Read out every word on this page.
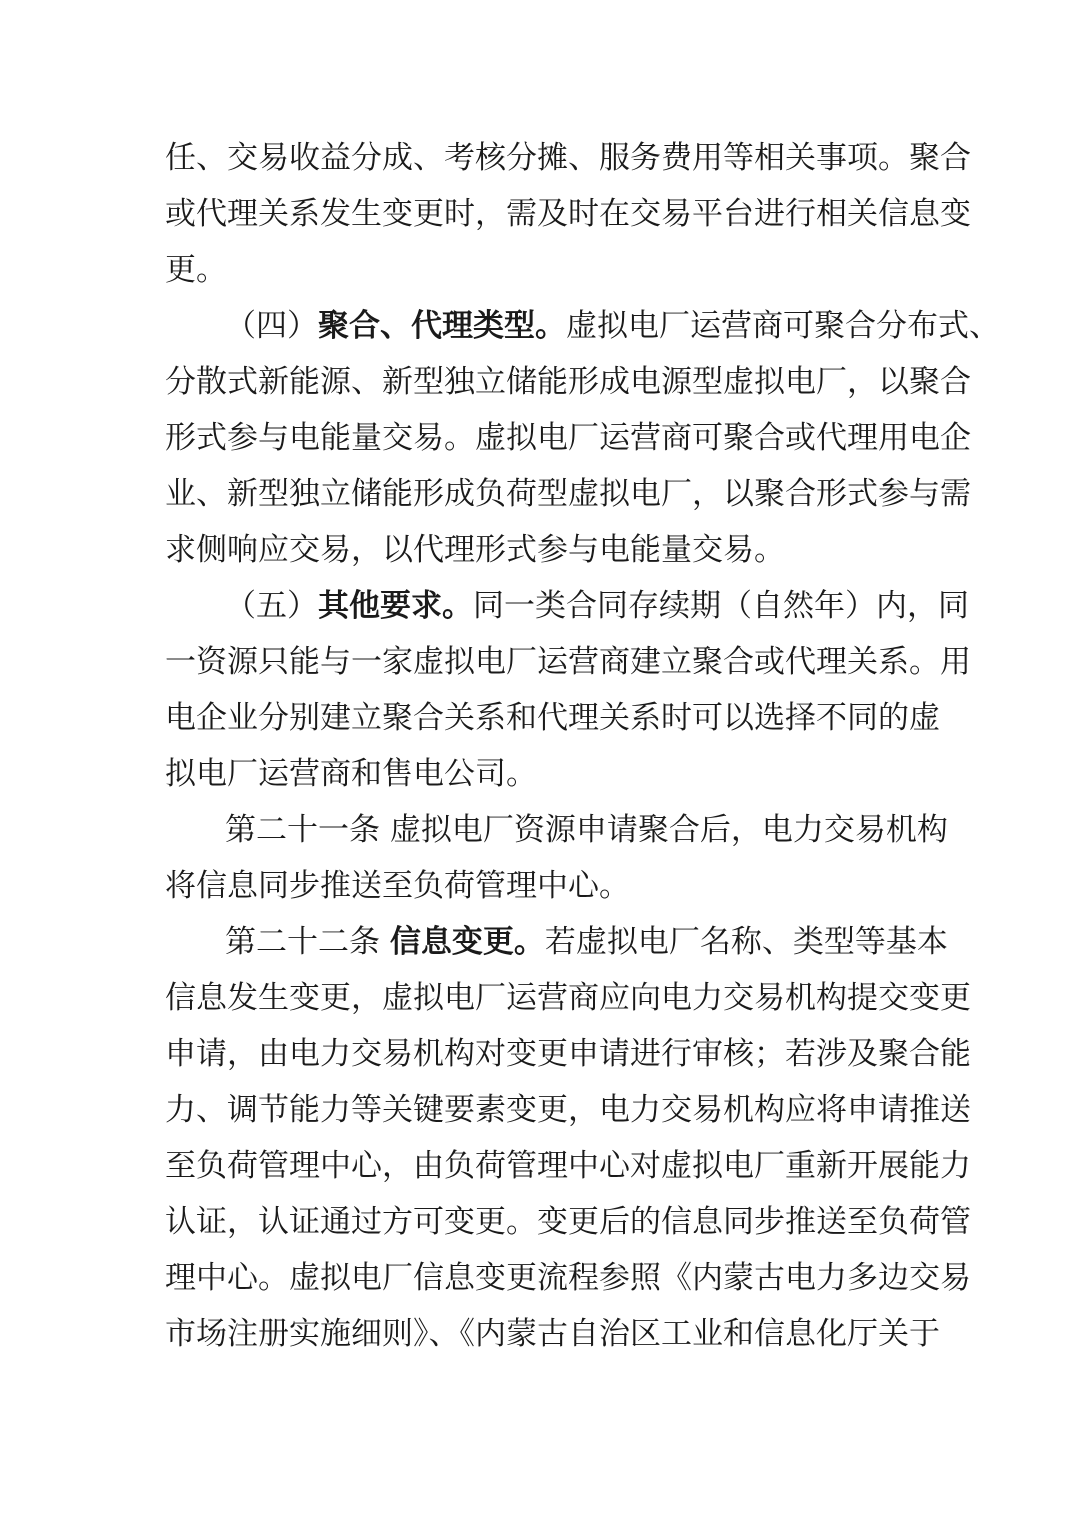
任、交易收益分成、考核分摊、服务费用等相关事项。聚合
或代理关系发生变更时，需及时在交易平台进行相关信息变
更。
（四）聚合、代理类型。虚拟电厂运营商可聚合分布式、
分散式新能源、新型独立储能形成电源型虚拟电厂，以聚合
形式参与电能量交易。虚拟电厂运营商可聚合或代理用电企
业、新型独立储能形成负荷型虚拟电厂，以聚合形式参与需
求侧响应交易，以代理形式参与电能量交易。
（五）其他要求。同一类合同存续期（自然年）内，同
一资源只能与一家虚拟电厂运营商建立聚合或代理关系。用
电企业分别建立聚合关系和代理关系时可以选择不同的虚
拟电厂运营商和售电公司。
第二十一条 虚拟电厂资源申请聚合后，电力交易机构
将信息同步推送至负荷管理中心。
第二十二条 信息变更。若虚拟电厂名称、类型等基本
信息发生变更，虚拟电厂运营商应向电力交易机构提交变更
申请，由电力交易机构对变更申请进行审核；若涉及聚合能
力、调节能力等关键要素变更，电力交易机构应将申请推送
至负荷管理中心，由负荷管理中心对虚拟电厂重新开展能力
认证，认证通过方可变更。变更后的信息同步推送至负荷管
理中心。虚拟电厂信息变更流程参照《内蒙古电力多边交易
市场注册实施细则》、《内蒙古自治区工业和信息化厅关于
